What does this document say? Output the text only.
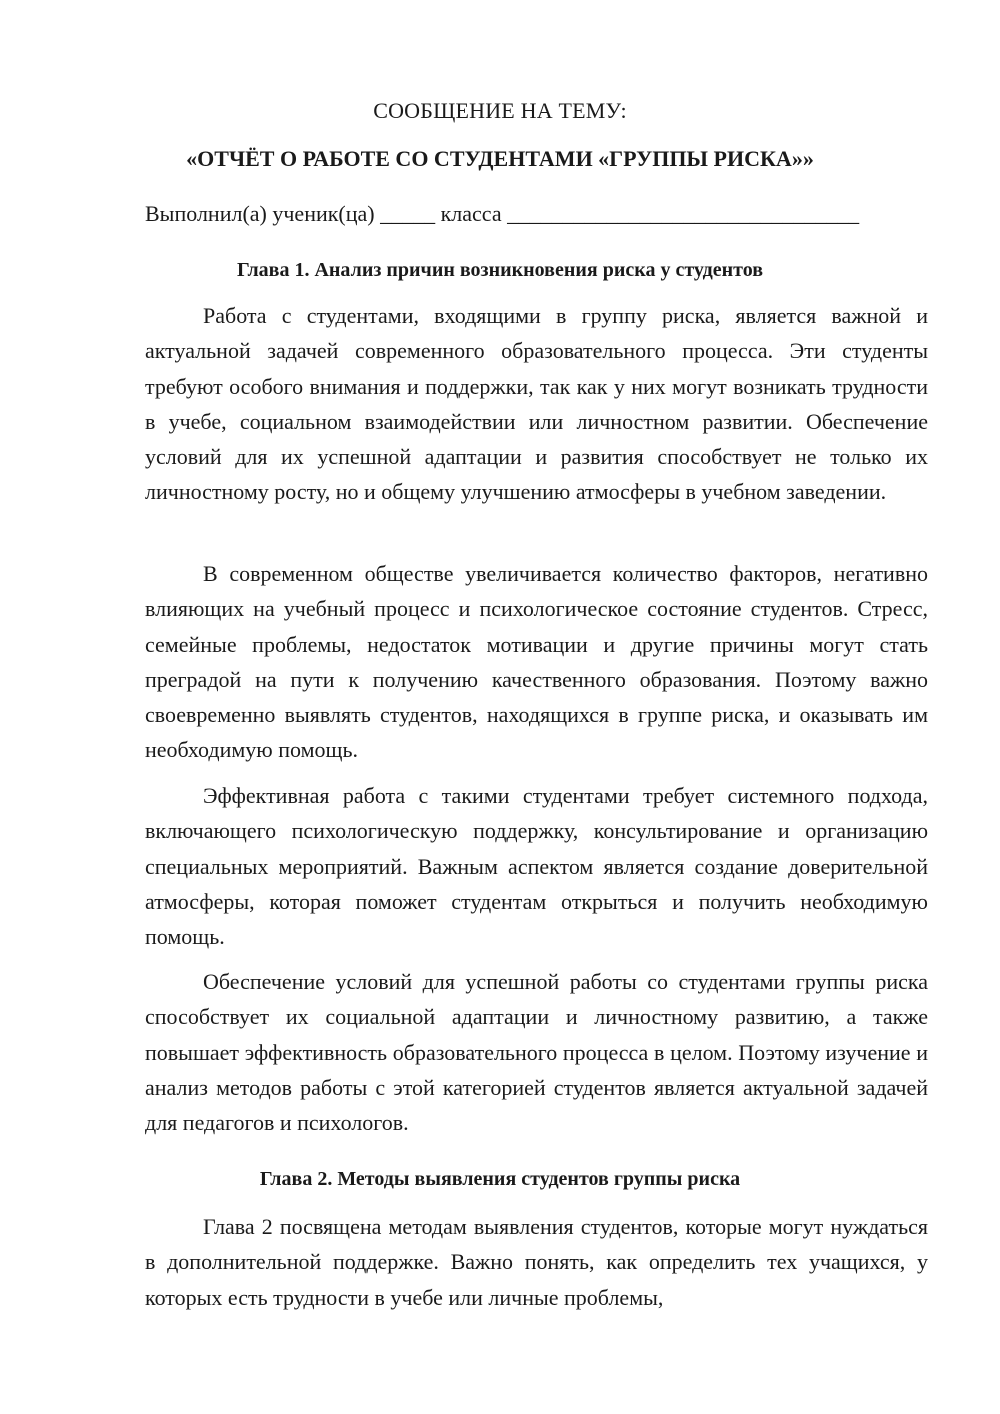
СООБЩЕНИЕ НА ТЕМУ:
«ОТЧЁТ О РАБОТЕ СО СТУДЕНТАМИ «ГРУППЫ РИСКА»»
Выполнил(а) ученик(ца) _____ класса ________________________________
Глава 1. Анализ причин возникновения риска у студентов

Работа с студентами, входящими в группу риска, является важной и актуальной задачей современного образовательного процесса. Эти студенты требуют особого внимания и поддержки, так как у них могут возникать трудности в учебе, социальном взаимодействии или личностном развитии. Обеспечение условий для их успешной адаптации и развития способствует не только их личностному росту, но и общему улучшению атмосферы в учебном заведении.

В современном обществе увеличивается количество факторов, негативно влияющих на учебный процесс и психологическое состояние студентов. Стресс, семейные проблемы, недостаток мотивации и другие причины могут стать преградой на пути к получению качественного образования. Поэтому важно своевременно выявлять студентов, находящихся в группе риска, и оказывать им необходимую помощь.

Эффективная работа с такими студентами требует системного подхода, включающего психологическую поддержку, консультирование и организацию специальных мероприятий. Важным аспектом является создание доверительной атмосферы, которая поможет студентам открыться и получить необходимую помощь.

Обеспечение условий для успешной работы со студентами группы риска способствует их социальной адаптации и личностному развитию, а также повышает эффективность образовательного процесса в целом. Поэтому изучение и анализ методов работы с этой категорией студентов является актуальной задачей для педагогов и психологов.

Глава 2. Методы выявления студентов группы риска

Глава 2 посвящена методам выявления студентов, которые могут нуждаться в дополнительной поддержке. Важно понять, как определить тех учащихся, у которых есть трудности в учебе или личные проблемы,
